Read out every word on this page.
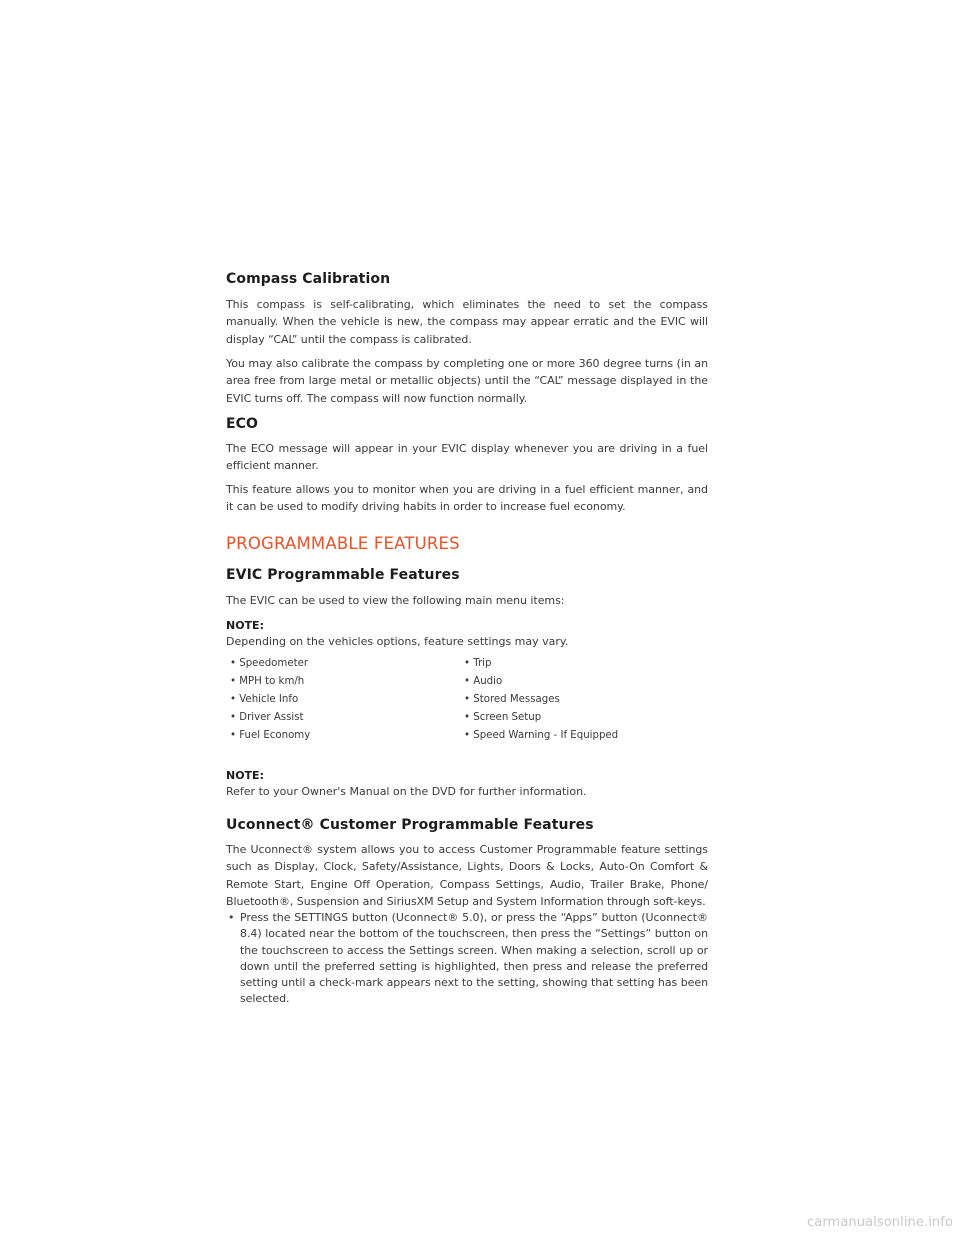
Compass Calibration

This compass is self-calibrating, which eliminates the need to set the compass manually. When the vehicle is new, the compass may appear erratic and the EVIC will display “CAL” until the compass is calibrated.

You may also calibrate the compass by completing one or more 360 degree turns (in an area free from large metal or metallic objects) until the “CAL” message displayed in the EVIC turns off. The compass will now function normally.

ECO

The ECO message will appear in your EVIC display whenever you are driving in a fuel efficient manner.

This feature allows you to monitor when you are driving in a fuel efficient manner, and it can be used to modify driving habits in order to increase fuel economy.

PROGRAMMABLE FEATURES
EVIC Programmable Features

The EVIC can be used to view the following main menu items:

NOTE:
Depending on the vehicles options, feature settings may vary.
• Speedometer	• Trip
• MPH to km/h	• Audio
• Vehicle Info	• Stored Messages
• Driver Assist	• Screen Setup
• Fuel Economy	• Speed Warning - If Equipped
NOTE:
Refer to your Owner's Manual on the DVD for further information.
Uconnect® Customer Programmable Features

The Uconnect® system allows you to access Customer Programmable feature settings such as Display, Clock, Safety/Assistance, Lights, Doors & Locks, Auto-On Comfort & Remote Start, Engine Off Operation, Compass Settings, Audio, Trailer Brake, Phone/ Bluetooth®, Suspension and SiriusXM Setup and System Information through soft-keys.

• Press the SETTINGS button (Uconnect® 5.0), or press the “Apps” button (Uconnect® 8.4) located near the bottom of the touchscreen, then press the “Settings” button on the touchscreen to access the Settings screen. When making a selection, scroll up or down until the preferred setting is highlighted, then press and release the preferred setting until a check-mark appears next to the setting, showing that setting has been selected.
carmanualsonline.info
